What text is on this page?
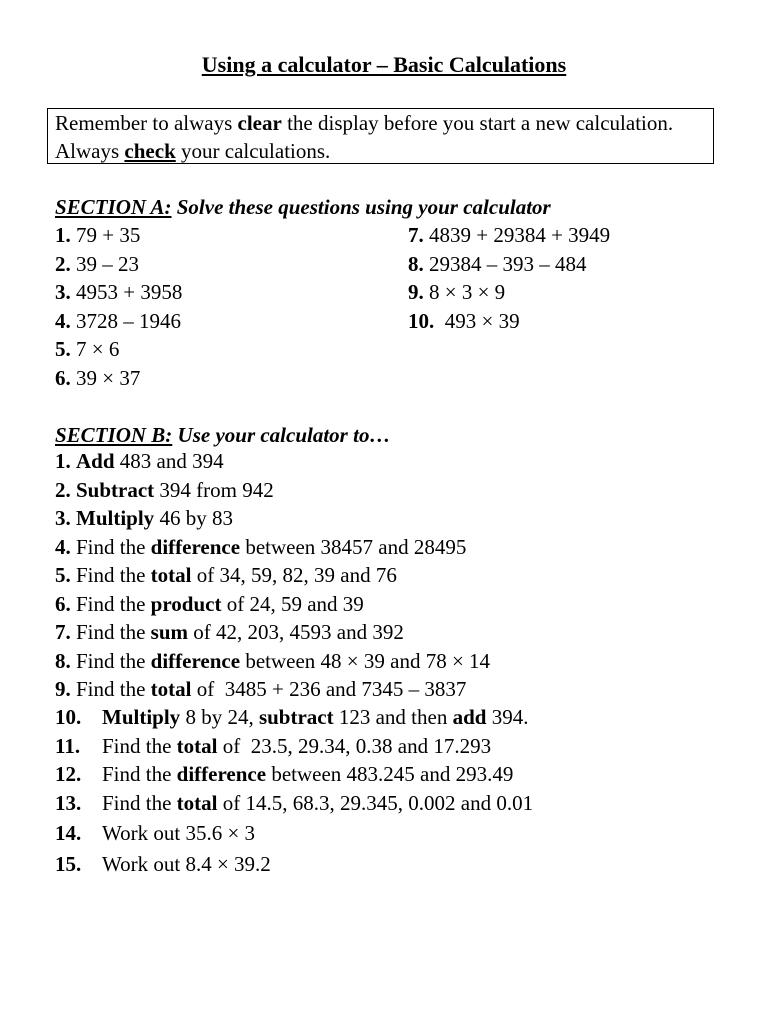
Using a calculator – Basic Calculations
Remember to always clear the display before you start a new calculation. Always check your calculations.
SECTION A: Solve these questions using your calculator
1. 79 + 35
2. 39 – 23
3. 4953 + 3958
4. 3728 – 1946
5. 7 × 6
6. 39 × 37
7. 4839 + 29384 + 3949
8. 29384 – 393 – 484
9. 8 × 3 × 9
10.  493 × 39
SECTION B: Use your calculator to…
1. Add 483 and 394
2. Subtract 394 from 942
3. Multiply 46 by 83
4. Find the difference between 38457 and 28495
5. Find the total of 34, 59, 82, 39 and 76
6. Find the product of 24, 59 and 39
7. Find the sum of 42, 203, 4593 and 392
8. Find the difference between 48 × 39 and 78 × 14
9. Find the total of  3485 + 236 and 7345 – 3837
10. Multiply 8 by 24, subtract 123 and then add 394.
11. Find the total of  23.5, 29.34, 0.38 and 17.293
12. Find the difference between 483.245 and 293.49
13. Find the total of 14.5, 68.3, 29.345, 0.002 and 0.01
14. Work out 35.6 × 3
15. Work out 8.4 × 39.2
